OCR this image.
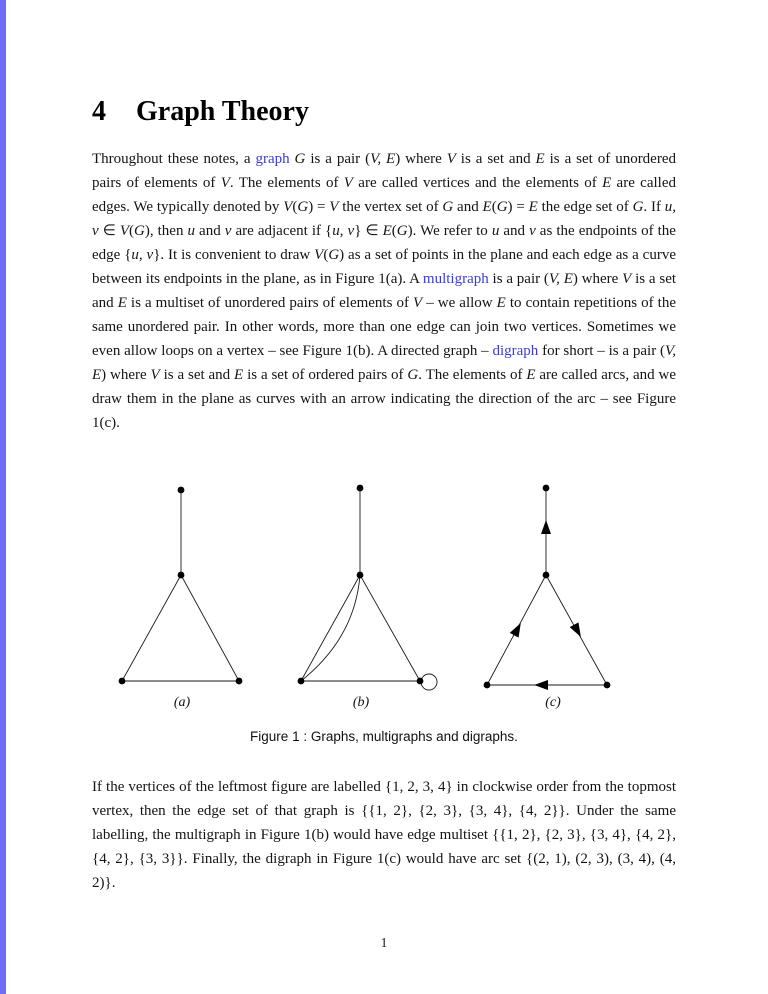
4 Graph Theory

Throughout these notes, a graph G is a pair (V, E) where V is a set and E is a set of unordered pairs of elements of V. The elements of V are called vertices and the elements of E are called edges. We typically denoted by V(G) = V the vertex set of G and E(G) = E the edge set of G. If u, v ∈ V(G), then u and v are adjacent if {u, v} ∈ E(G). We refer to u and v as the endpoints of the edge {u, v}. It is convenient to draw V(G) as a set of points in the plane and each edge as a curve between its endpoints in the plane, as in Figure 1(a). A multigraph is a pair (V, E) where V is a set and E is a multiset of unordered pairs of elements of V – we allow E to contain repetitions of the same unordered pair. In other words, more than one edge can join two vertices. Sometimes we even allow loops on a vertex – see Figure 1(b). A directed graph – digraph for short – is a pair (V, E) where V is a set and E is a set of ordered pairs of G. The elements of E are called arcs, and we draw them in the plane as curves with an arrow indicating the direction of the arc – see Figure 1(c).

(a)	(b)	(c)
Figure 1 : Graphs, multigraphs and digraphs.

If the vertices of the leftmost figure are labelled {1, 2, 3, 4} in clockwise order from the topmost vertex, then the edge set of that graph is {{1, 2}, {2, 3}, {3, 4}, {4, 2}}. Under the same labelling, the multigraph in Figure 1(b) would have edge multiset {{1, 2}, {2, 3}, {3, 4}, {4, 2}, {4, 2}, {3, 3}}. Finally, the digraph in Figure 1(c) would have arc set {(2, 1), (2, 3), (3, 4), (4, 2)}.

1
